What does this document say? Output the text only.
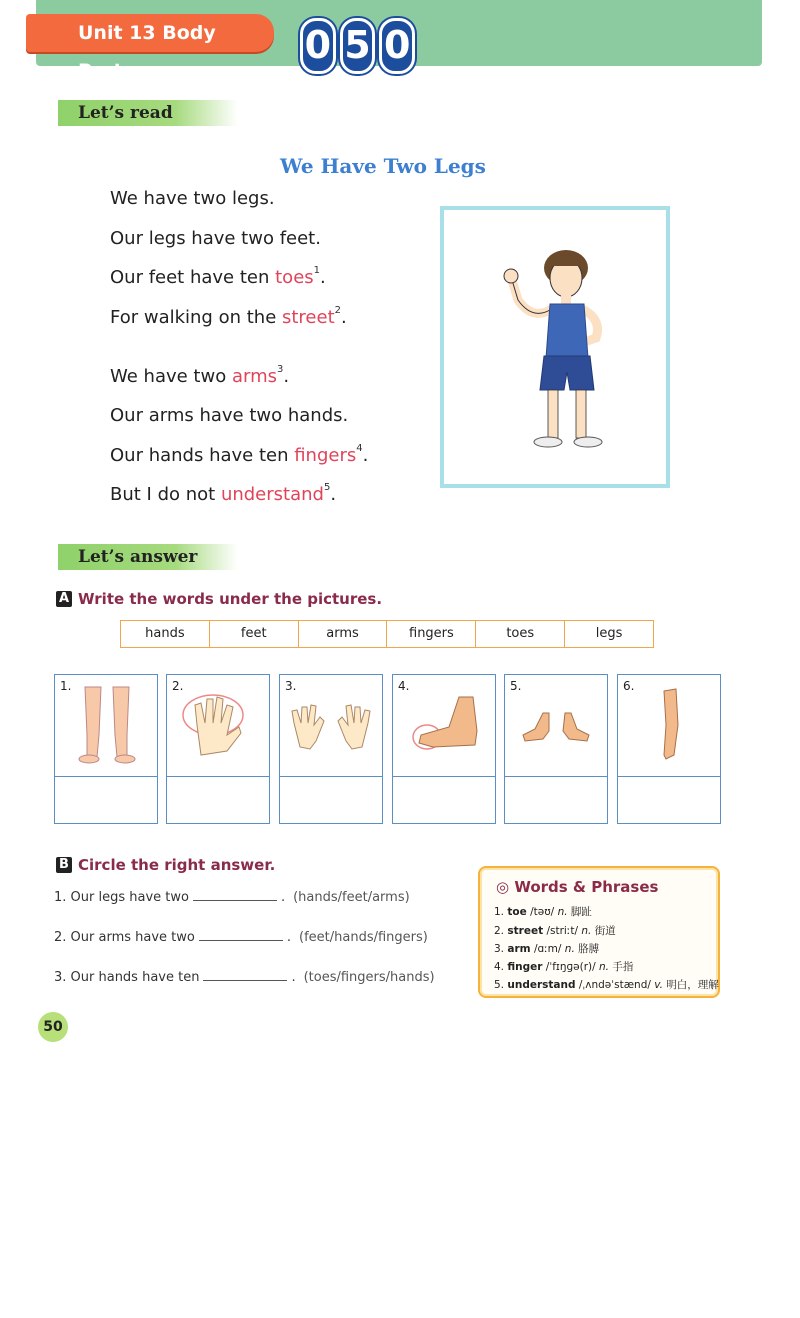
Unit 13 Body Parts
0 5 0
Let’s read
We Have Two Legs
We have two legs.
Our legs have two feet.
Our feet have ten toes$^1$.
For walking on the street$^2$.
We have two arms$^3$.
Our arms have two hands.
Our hands have ten fingers$^4$.
But I do not understand$^5$.
Let’s answer
A Write the words under the pictures.
hands	feet	arms	fingers	toes	legs
1.	2.	3.	4.	5.	6.
B Circle the right answer.
1. Our legs have two	. (hands/feet/arms)
2. Our arms have two	. (feet/hands/fingers)
3. Our hands have ten	. (toes/fingers/hands)
◎ Words & Phrases
1. toe /təʊ/ n. 脚趾
2. street /striːt/ n. 街道
3. arm /ɑːm/ n. 胳膊
4. finger /ˈfɪŋɡə(r)/ n. 手指
5. understand /ˌʌndəˈstænd/ v. 明白，理解
50
